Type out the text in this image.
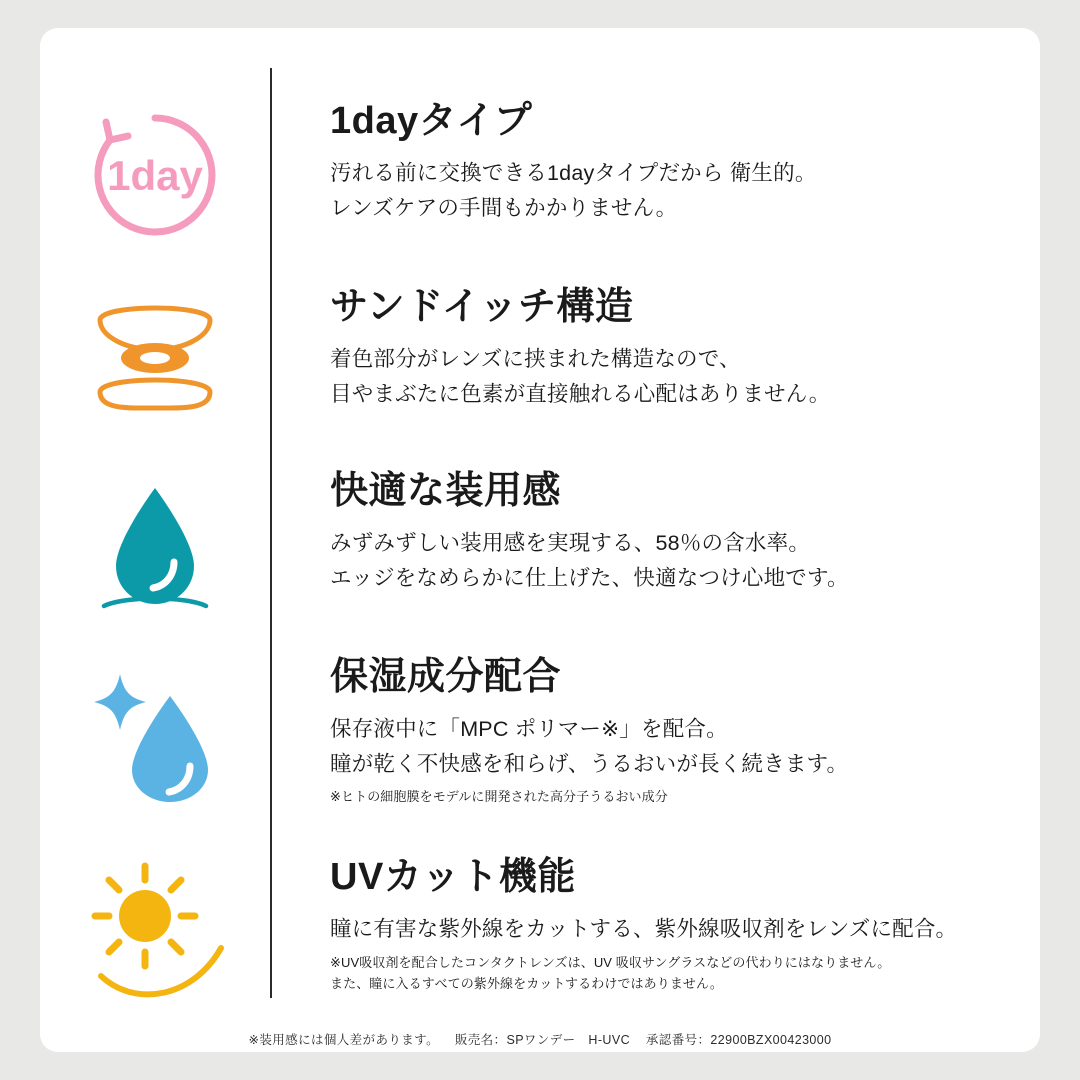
1day
1dayタイプ
汚れる前に交換できる1dayタイプだから 衛生的。
レンズケアの手間もかかりません。
サンドイッチ構造
着色部分がレンズに挟まれた構造なので、
目やまぶたに色素が直接触れる心配はありません。
快適な装用感
みずみずしい装用感を実現する、58％の含水率。
エッジをなめらかに仕上げた、快適なつけ心地です。
保湿成分配合
保存液中に「MPC ポリマー※」を配合。
瞳が乾く不快感を和らげ、うるおいが長く続きます。
※ヒトの細胞膜をモデルに開発された高分子うるおい成分
UVカット機能
瞳に有害な紫外線をカットする、紫外線吸収剤をレンズに配合。
※UV吸収剤を配合したコンタクトレンズは、UV 吸収サングラスなどの代わりにはなりません。
また、瞳に入るすべての紫外線をカットするわけではありません。
※装用感には個人差があります。 販売名：SPワンデー　H-UVC 承認番号：22900BZX00423000
